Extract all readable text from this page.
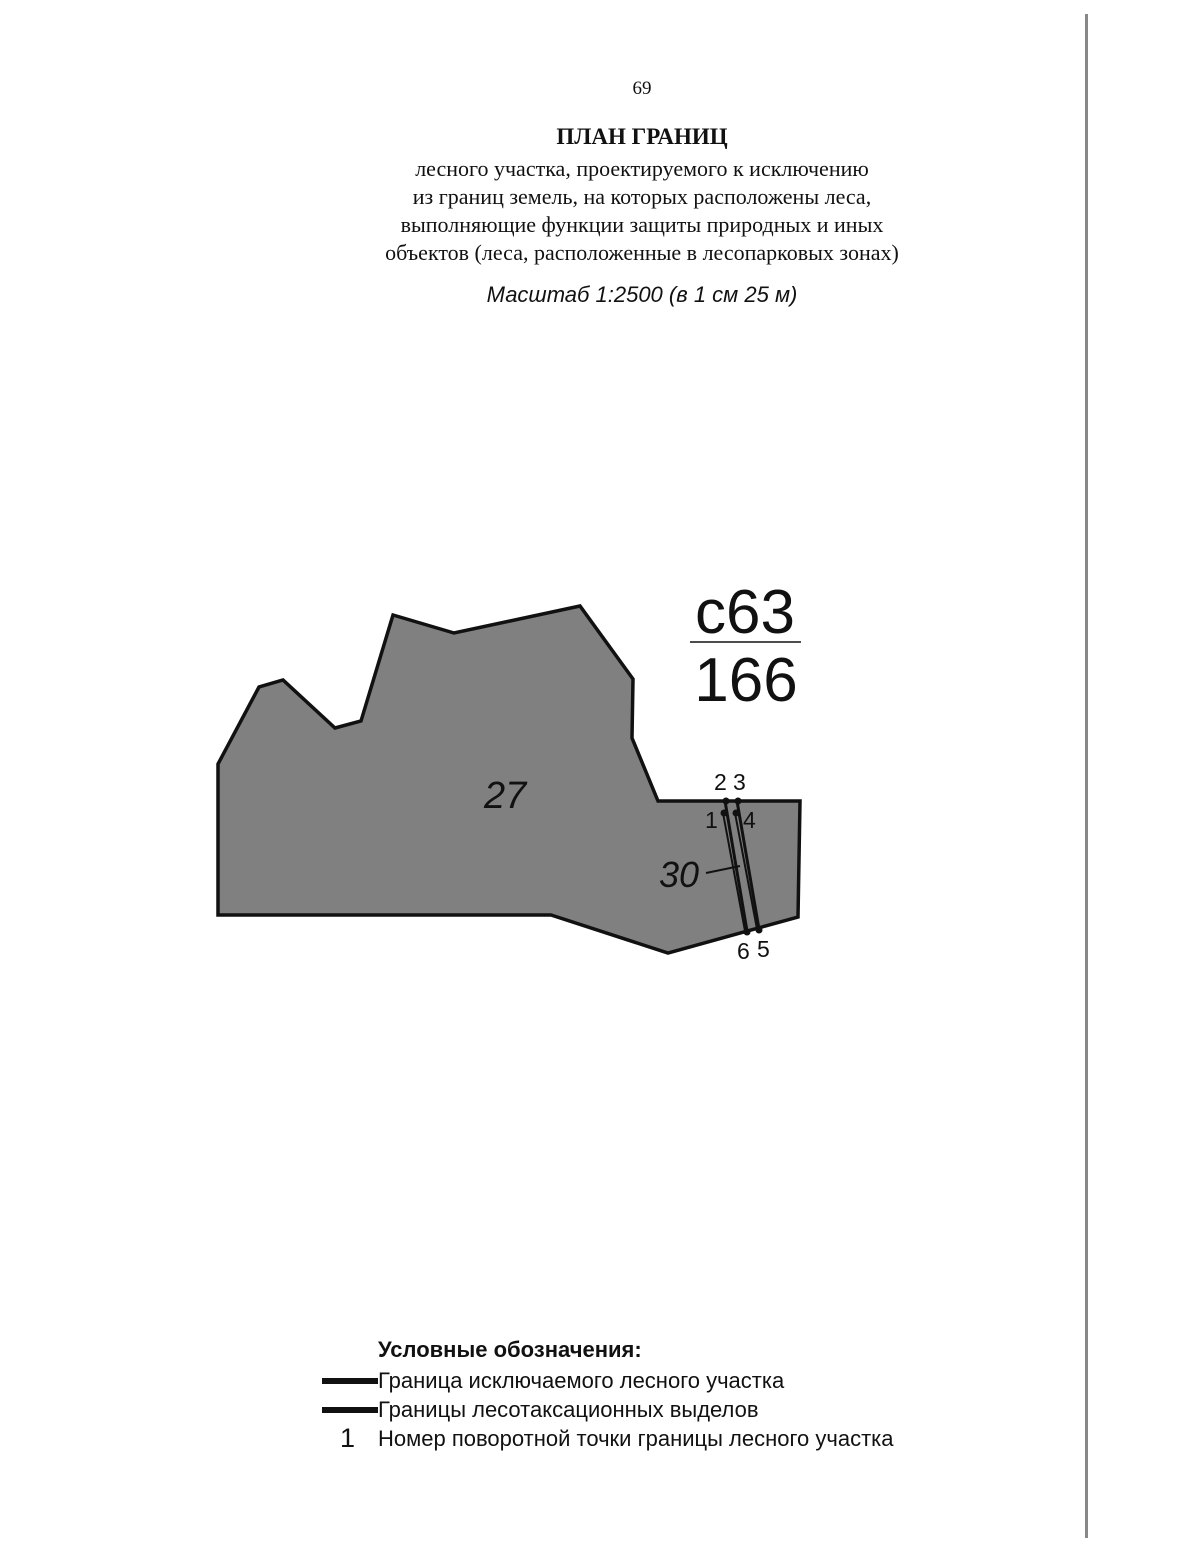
69
ПЛАН ГРАНИЦ
лесного участка, проектируемого к исключению
из границ земель, на которых расположены леса,
выполняющие функции защиты природных и иных
объектов (леса, расположенные в лесопарковых зонах)
Масштаб 1:2500 (в 1 см 25 м)
1
2 3
4
5
6
27
30
с63
166
Условные обозначения:
Граница исключаемого лесного участка
Границы лесотаксационных выделов
1 Номер поворотной точки границы лесного участка
